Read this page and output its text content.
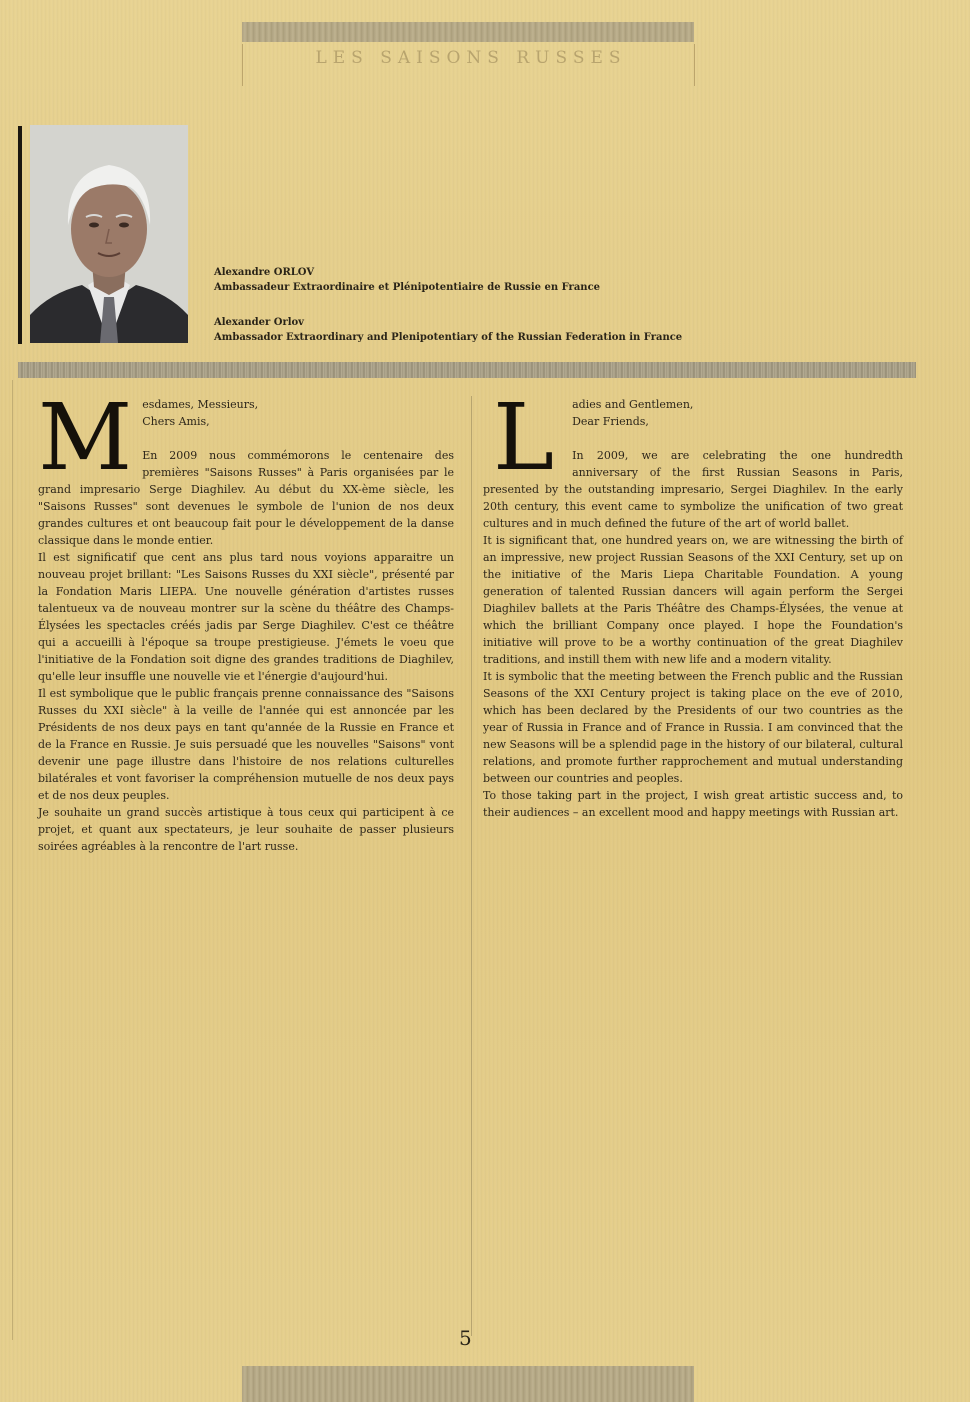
LES SAISONS RUSSES
Alexandre ORLOV
Ambassadeur Extraordinaire et Plénipotentiaire de Russie en France
Alexander Orlov
Ambassador Extraordinary and Plenipotentiary of the Russian Federation in France
M esdames, Messieurs,

Chers Amis,

En 2009 nous commémorons le centenaire des premières "Saisons Russes" à Paris organisées par le grand impresario Serge Diaghilev. Au début du XX-ème siècle, les "Saisons Russes" sont devenues le symbole de l'union de nos deux grandes cultures et ont beaucoup fait pour le développement de la danse classique dans le monde entier.

Il est significatif que cent ans plus tard nous voyions apparaitre un nouveau projet brillant: "Les Saisons Russes du XXI siècle", présenté par la Fondation Maris LIEPA. Une nouvelle génération d'artistes russes talentueux va de nouveau montrer sur la scène du théâtre des Champs-Élysées les spectacles créés jadis par Serge Diaghilev. C'est ce théâtre qui a accueilli à l'époque sa troupe prestigieuse. J'émets le voeu que l'initiative de la Fondation soit digne des grandes traditions de Diaghilev, qu'elle leur insuffle une nouvelle vie et l'énergie d'aujourd'hui.

Il est symbolique que le public français prenne connaissance des "Saisons Russes du XXI siècle" à la veille de l'année qui est annoncée par les Présidents de nos deux pays en tant qu'année de la Russie en France et de la France en Russie. Je suis persuadé que les nouvelles "Saisons" vont devenir une page illustre dans l'histoire de nos relations culturelles bilatérales et vont favoriser la compréhension mutuelle de nos deux pays et de nos deux peuples.

Je souhaite un grand succès artistique à tous ceux qui participent à ce projet, et quant aux spectateurs, je leur souhaite de passer plusieurs soirées agréables à la rencontre de l'art russe.

L	adies and Gentlemen,

Dear Friends,

In 2009, we are celebrating the one hundredth anniversary of the first Russian Seasons in Paris, presented by the outstanding impresario, Sergei Diaghilev. In the early 20th century, this event came to symbolize the unification of two great cultures and in much defined the future of the art of world ballet.

It is significant that, one hundred years on, we are witnessing the birth of an impressive, new project Russian Seasons of the XXI Century, set up on the initiative of the Maris Liepa Charitable Foundation. A young generation of talented Russian dancers will again perform the Sergei Diaghilev ballets at the Paris Théâtre des Champs-Élysées, the venue at which the brilliant Company once played. I hope the Foundation's initiative will prove to be a worthy continuation of the great Diaghilev traditions, and instill them with new life and a modern vitality.

It is symbolic that the meeting between the French public and the Russian Seasons of the XXI Century project is taking place on the eve of 2010, which has been declared by the Presidents of our two countries as the year of Russia in France and of France in Russia. I am convinced that the new Seasons will be a splendid page in the history of our bilateral, cultural relations, and promote further rapprochement and mutual understanding between our countries and peoples.

To those taking part in the project, I wish great artistic success and, to their audiences – an excellent mood and happy meetings with Russian art.

5
